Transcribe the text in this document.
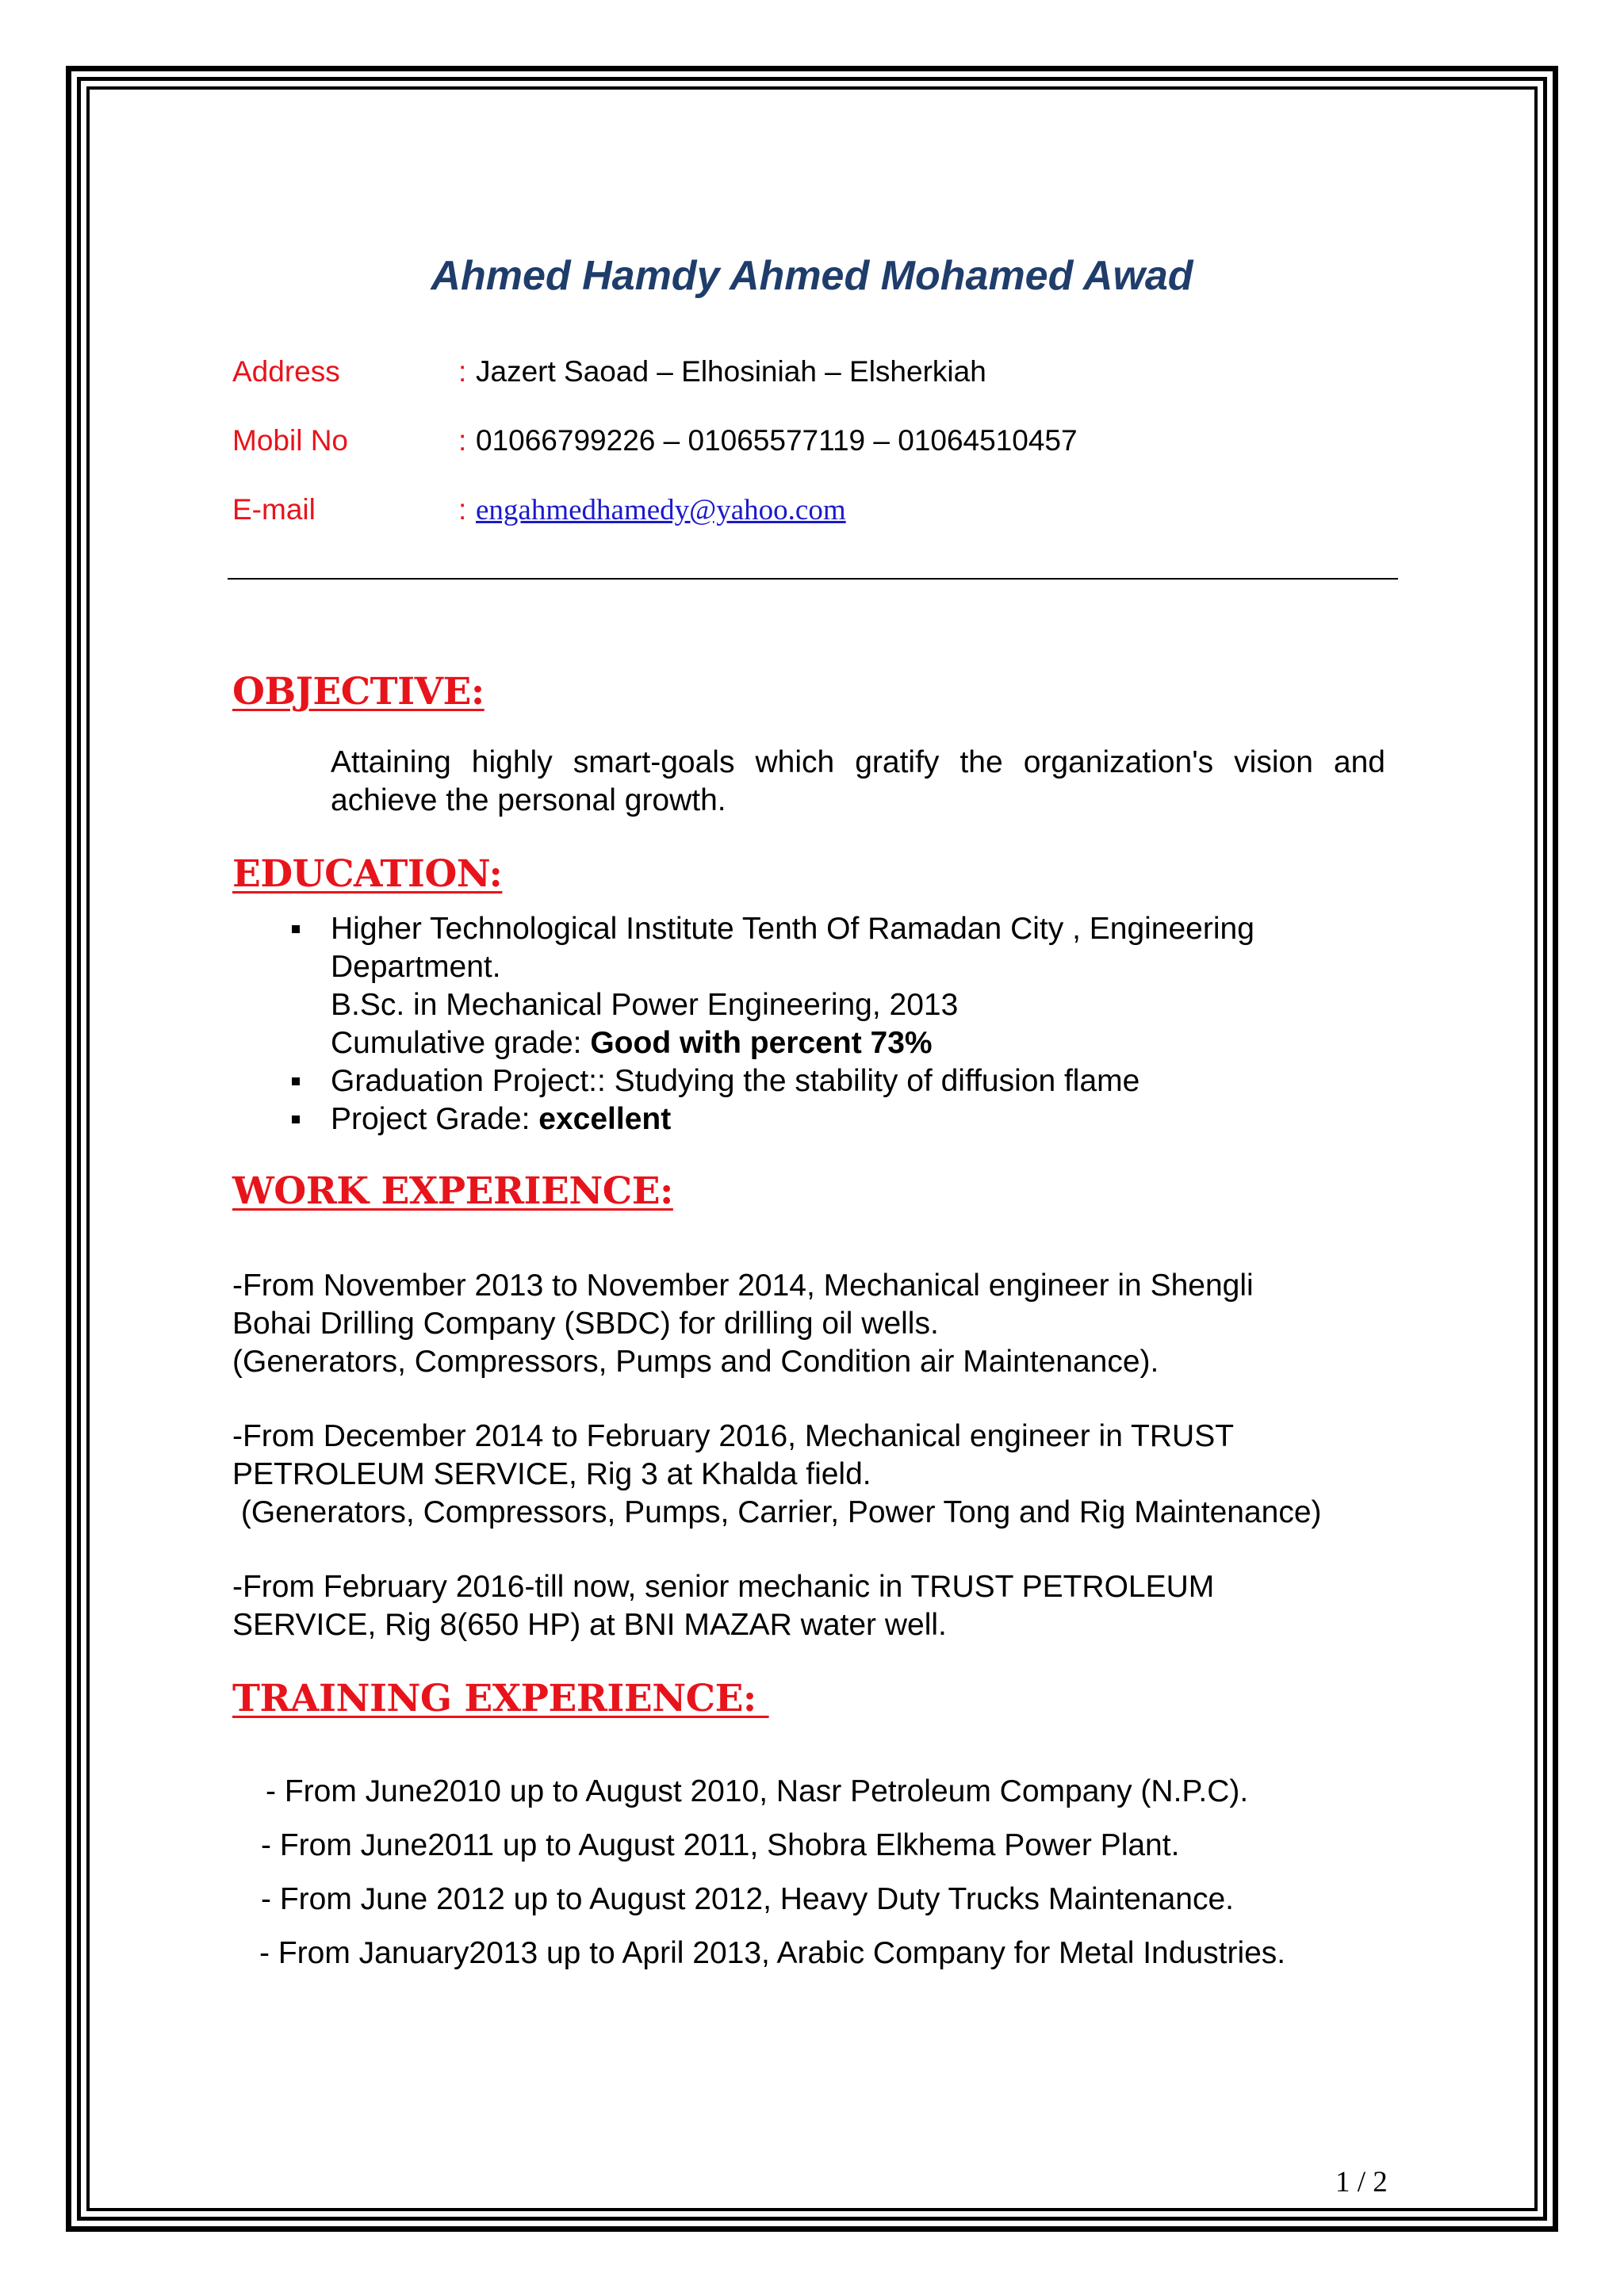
Ahmed Hamdy Ahmed Mohamed Awad
Address	: Jazert Saoad – Elhosiniah – Elsherkiah
Mobil No	: 01066799226 – 01065577119 – 01064510457
E-mail	: engahmedhamedy@yahoo.com
OBJECTIVE:
Attaining highly smart-goals which gratify the organization's vision and achieve the personal growth.
EDUCATION:
Higher Technological Institute Tenth Of Ramadan City , Engineering
Department.
B.Sc. in Mechanical Power Engineering, 2013
Cumulative grade: Good with percent 73%
Graduation Project:: Studying the stability of diffusion flame
Project Grade: excellent
WORK EXPERIENCE:
-From November 2013 to November 2014, Mechanical engineer in Shengli
Bohai Drilling Company (SBDC) for drilling oil wells.
(Generators, Compressors, Pumps and Condition air Maintenance).
-From December 2014 to February 2016, Mechanical engineer in TRUST
PETROLEUM SERVICE, Rig 3 at Khalda field.
(Generators, Compressors, Pumps, Carrier, Power Tong and Rig Maintenance)
-From February 2016-till now, senior mechanic in TRUST PETROLEUM
SERVICE, Rig 8(650 HP) at BNI MAZAR water well.
TRAINING EXPERIENCE:
- From June2010 up to August 2010, Nasr Petroleum Company (N.P.C).
- From June2011 up to August 2011, Shobra Elkhema Power Plant.
- From June 2012 up to August 2012, Heavy Duty Trucks Maintenance.
- From January2013 up to April 2013, Arabic Company for Metal Industries.
1 / 2
